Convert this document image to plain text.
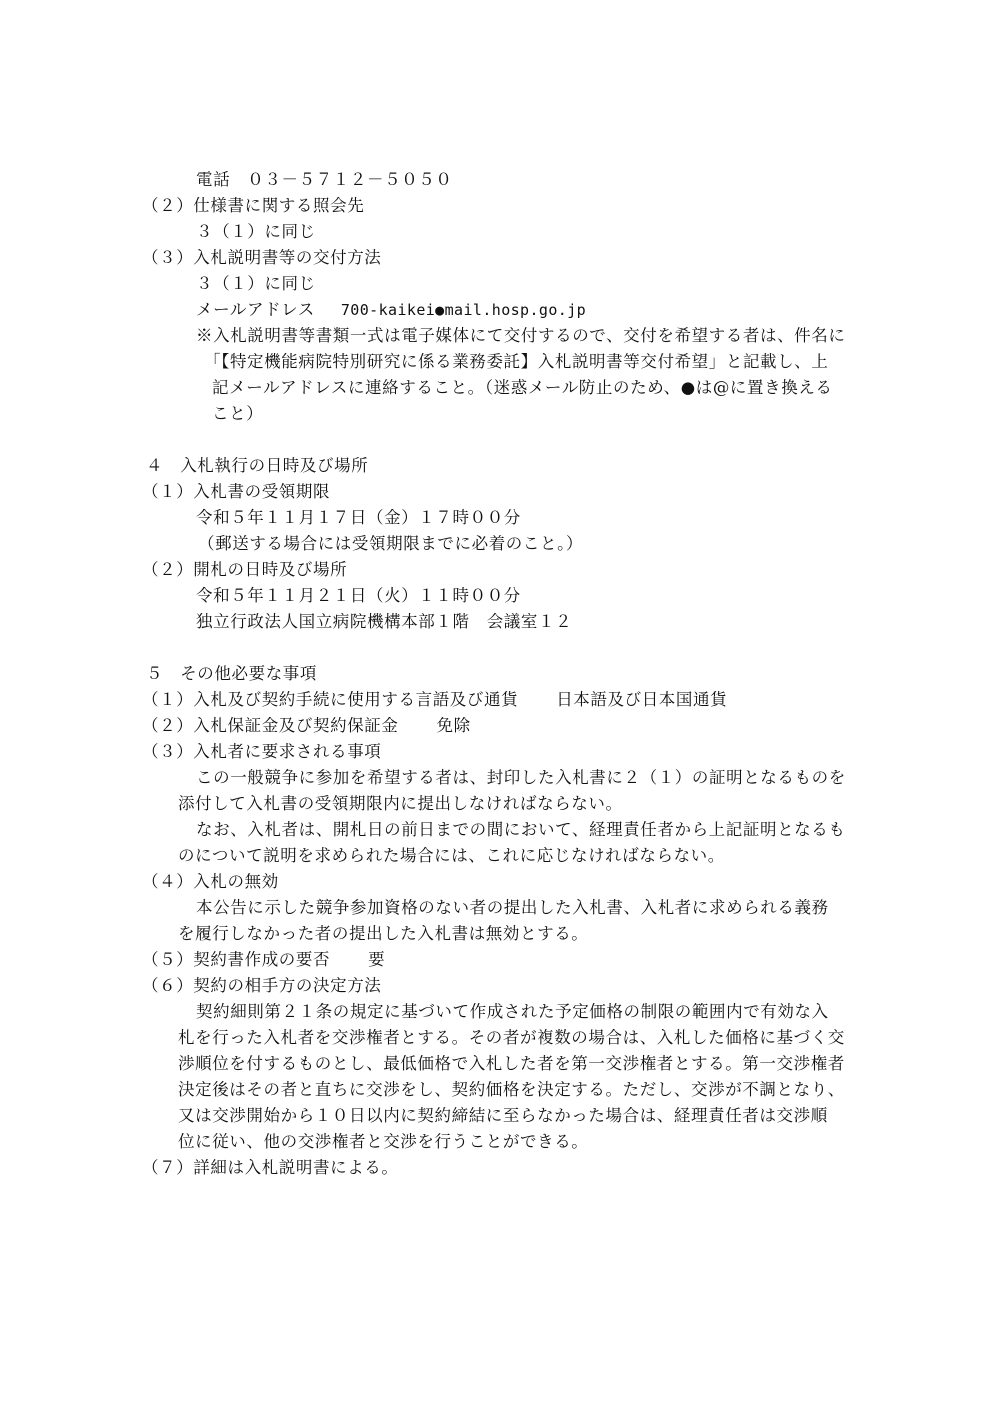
電話　０３－５７１２－５０５０
（２）仕様書に関する照会先
３（１）に同じ
（３）入札説明書等の交付方法
３（１）に同じ
メールアドレス 700-kaikei●mail.hosp.go.jp
※入札説明書等書類一式は電子媒体にて交付するので、交付を希望する者は、件名に
「【特定機能病院特別研究に係る業務委託】入札説明書等交付希望」と記載し、上
記メールアドレスに連絡すること。（迷惑メール防止のため、●は@に置き換える
こと）
４　入札執行の日時及び場所
（１）入札書の受領期限
令和５年１１月１７日（金）１７時００分
（郵送する場合には受領期限までに必着のこと。）
（２）開札の日時及び場所
令和５年１１月２１日（火）１１時００分
独立行政法人国立病院機構本部１階　会議室１２
５　その他必要な事項
（１）入札及び契約手続に使用する言語及び通貨 日本語及び日本国通貨
（２）入札保証金及び契約保証金 免除
（３）入札者に要求される事項
この一般競争に参加を希望する者は、封印した入札書に２（１）の証明となるものを
添付して入札書の受領期限内に提出しなければならない。
なお、入札者は、開札日の前日までの間において、経理責任者から上記証明となるも
のについて説明を求められた場合には、これに応じなければならない。
（４）入札の無効
本公告に示した競争参加資格のない者の提出した入札書、入札者に求められる義務
を履行しなかった者の提出した入札書は無効とする。
（５）契約書作成の要否 要
（６）契約の相手方の決定方法
契約細則第２１条の規定に基づいて作成された予定価格の制限の範囲内で有効な入
札を行った入札者を交渉権者とする。その者が複数の場合は、入札した価格に基づく交
渉順位を付するものとし、最低価格で入札した者を第一交渉権者とする。第一交渉権者
決定後はその者と直ちに交渉をし、契約価格を決定する。ただし、交渉が不調となり、
又は交渉開始から１０日以内に契約締結に至らなかった場合は、経理責任者は交渉順
位に従い、他の交渉権者と交渉を行うことができる。
（７）詳細は入札説明書による。
